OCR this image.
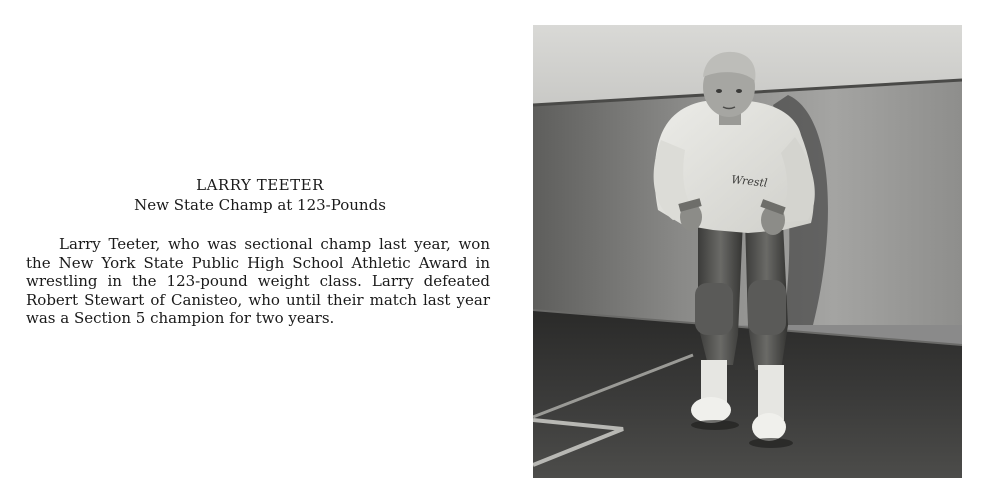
LARRY TEETER
New State Champ at 123-Pounds
Larry Teeter, who was sectional champ last year, won the New York State Public High School Athletic Award in wrestling in the 123-pound weight class. Larry defeated Robert Stewart of Canisteo, who until their match last year was a Section 5 champion for two years.
Wrestl
